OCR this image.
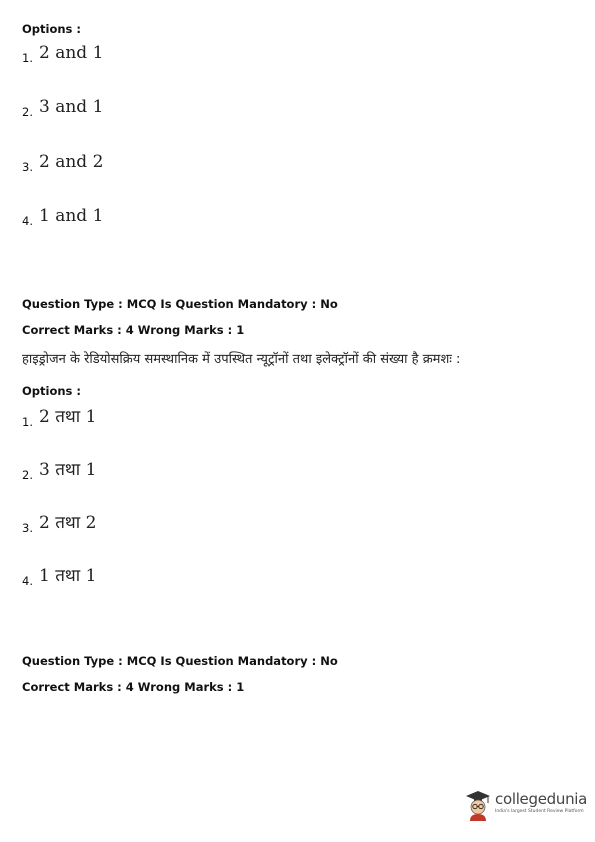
Options :
1. 2 and 1
2. 3 and 1
3. 2 and 2
4. 1 and 1
Question Type : MCQ Is Question Mandatory : No
Correct Marks : 4 Wrong Marks : 1
हाइड्रोजन के रेडियोसक्रिय समस्थानिक में उपस्थित न्यूट्रॉनों तथा इलेक्ट्रॉनों की संख्या है क्रमशः :
Options :
1. 2 तथा 1
2. 3 तथा 1
3. 2 तथा 2
4. 1 तथा 1
Question Type : MCQ Is Question Mandatory : No
Correct Marks : 4 Wrong Marks : 1
collegedunia
India's largest Student Review Platform
